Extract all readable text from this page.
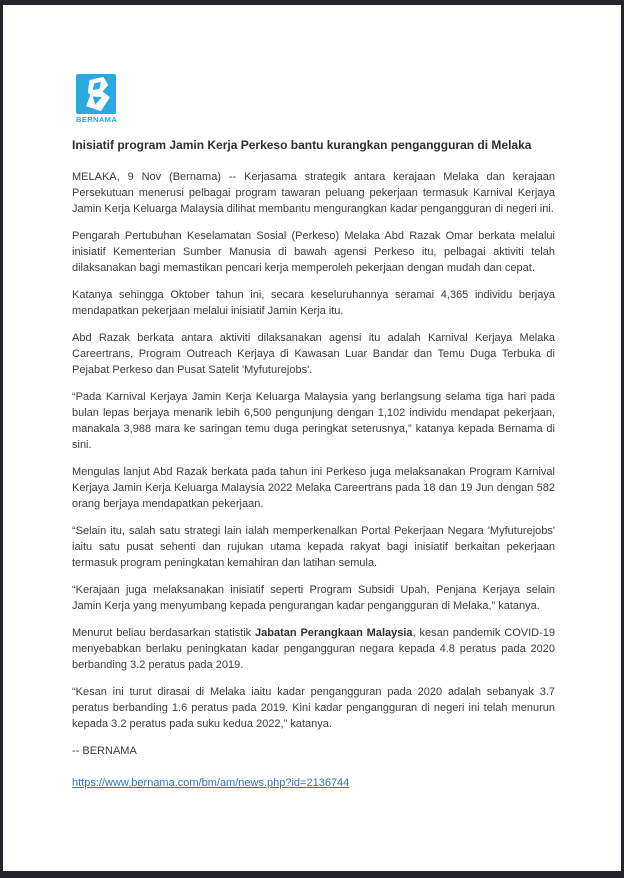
BERNAMA
Inisiatif program Jamin Kerja Perkeso bantu kurangkan pengangguran di Melaka

MELAKA, 9 Nov (Bernama) -- Kerjasama strategik antara kerajaan Melaka dan kerajaan Persekutuan menerusi pelbagai program tawaran peluang pekerjaan termasuk Karnival Kerjaya Jamin Kerja Keluarga Malaysia dilihat membantu mengurangkan kadar pengangguran di negeri ini.

Pengarah Pertubuhan Keselamatan Sosial (Perkeso) Melaka Abd Razak Omar berkata melalui inisiatif Kementerian Sumber Manusia di bawah agensi Perkeso itu, pelbagai aktiviti telah dilaksanakan bagi memastikan pencari kerja memperoleh pekerjaan dengan mudah dan cepat.

Katanya sehingga Oktober tahun ini, secara keseluruhannya seramai 4,365 individu berjaya mendapatkan pekerjaan melalui inisiatif Jamin Kerja itu.

Abd Razak berkata antara aktiviti dilaksanakan agensi itu adalah Karnival Kerjaya Melaka Careertrans, Program Outreach Kerjaya di Kawasan Luar Bandar dan Temu Duga Terbuka di Pejabat Perkeso dan Pusat Satelit 'Myfuturejobs'.

“Pada Karnival Kerjaya Jamin Kerja Keluarga Malaysia yang berlangsung selama tiga hari pada bulan lepas berjaya menarik lebih 6,500 pengunjung dengan 1,102 individu mendapat pekerjaan, manakala 3,988 mara ke saringan temu duga peringkat seterusnya,” katanya kepada Bernama di sini.

Mengulas lanjut Abd Razak berkata pada tahun ini Perkeso juga melaksanakan Program Karnival Kerjaya Jamin Kerja Keluarga Malaysia 2022 Melaka Careertrans pada 18 dan 19 Jun dengan 582 orang berjaya mendapatkan pekerjaan.

“Selain itu, salah satu strategi lain ialah memperkenalkan Portal Pekerjaan Negara 'Myfuturejobs' iaitu satu pusat sehenti dan rujukan utama kepada rakyat bagi inisiatif berkaitan pekerjaan termasuk program peningkatan kemahiran dan latihan semula.

“Kerajaan juga melaksanakan inisiatif seperti Program Subsidi Upah, Penjana Kerjaya selain Jamin Kerja yang menyumbang kepada pengurangan kadar pengangguran di Melaka,” katanya.

Menurut beliau berdasarkan statistik Jabatan Perangkaan Malaysia, kesan pandemik COVID-19 menyebabkan berlaku peningkatan kadar pengangguran negara kepada 4.8 peratus pada 2020 berbanding 3.2 peratus pada 2019.

“Kesan ini turut dirasai di Melaka iaitu kadar pengangguran pada 2020 adalah sebanyak 3.7 peratus berbanding 1.6 peratus pada 2019. Kini kadar pengangguran di negeri ini telah menurun kepada 3.2 peratus pada suku kedua 2022,” katanya.

-- BERNAMA

https://www.bernama.com/bm/am/news.php?id=2136744
